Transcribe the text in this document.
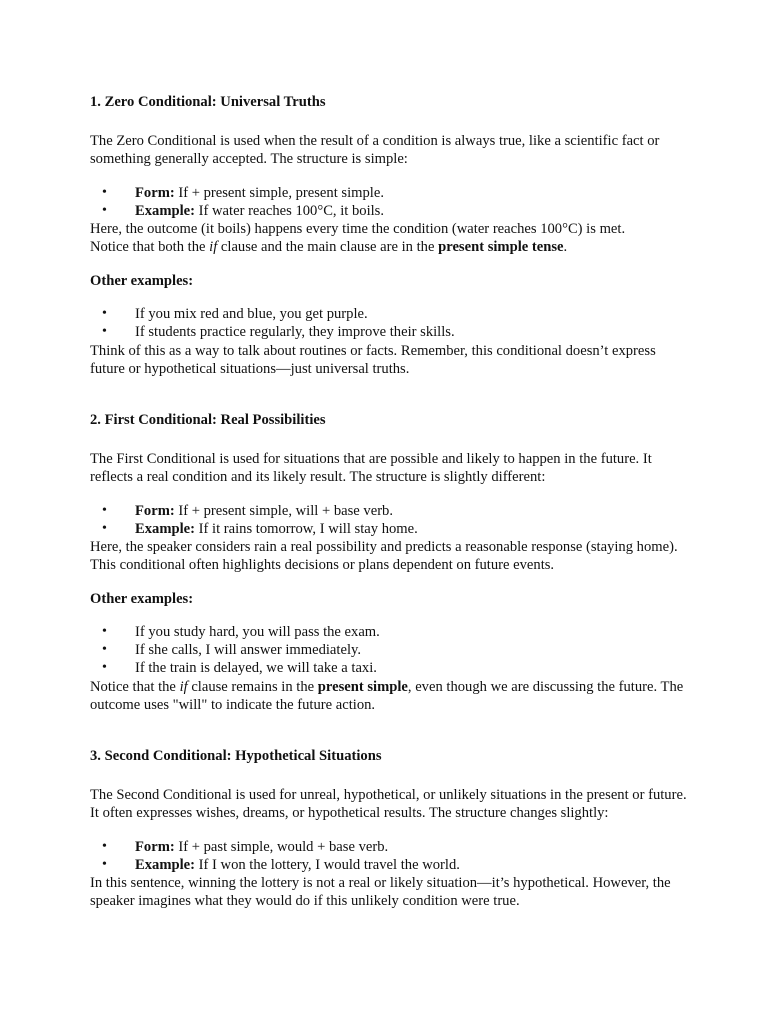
1. Zero Conditional: Universal Truths

The Zero Conditional is used when the result of a condition is always true, like a scientific fact or something generally accepted. The structure is simple:

• Form: If + present simple, present simple.
• Example: If water reaches 100°C, it boils.

Here, the outcome (it boils) happens every time the condition (water reaches 100°C) is met.

Notice that both the if clause and the main clause are in the present simple tense.

Other examples:

• If you mix red and blue, you get purple.
• If students practice regularly, they improve their skills.

Think of this as a way to talk about routines or facts. Remember, this conditional doesn’t express future or hypothetical situations—just universal truths.

2. First Conditional: Real Possibilities

The First Conditional is used for situations that are possible and likely to happen in the future. It reflects a real condition and its likely result. The structure is slightly different:

• Form: If + present simple, will + base verb.
• Example: If it rains tomorrow, I will stay home.

Here, the speaker considers rain a real possibility and predicts a reasonable response (staying home). This conditional often highlights decisions or plans dependent on future events.

Other examples:

• If you study hard, you will pass the exam.
• If she calls, I will answer immediately.
• If the train is delayed, we will take a taxi.

Notice that the if clause remains in the present simple, even though we are discussing the future. The outcome uses "will" to indicate the future action.

3. Second Conditional: Hypothetical Situations

The Second Conditional is used for unreal, hypothetical, or unlikely situations in the present or future. It often expresses wishes, dreams, or hypothetical results. The structure changes slightly:

• Form: If + past simple, would + base verb.
• Example: If I won the lottery, I would travel the world.

In this sentence, winning the lottery is not a real or likely situation—it’s hypothetical. However, the speaker imagines what they would do if this unlikely condition were true.
